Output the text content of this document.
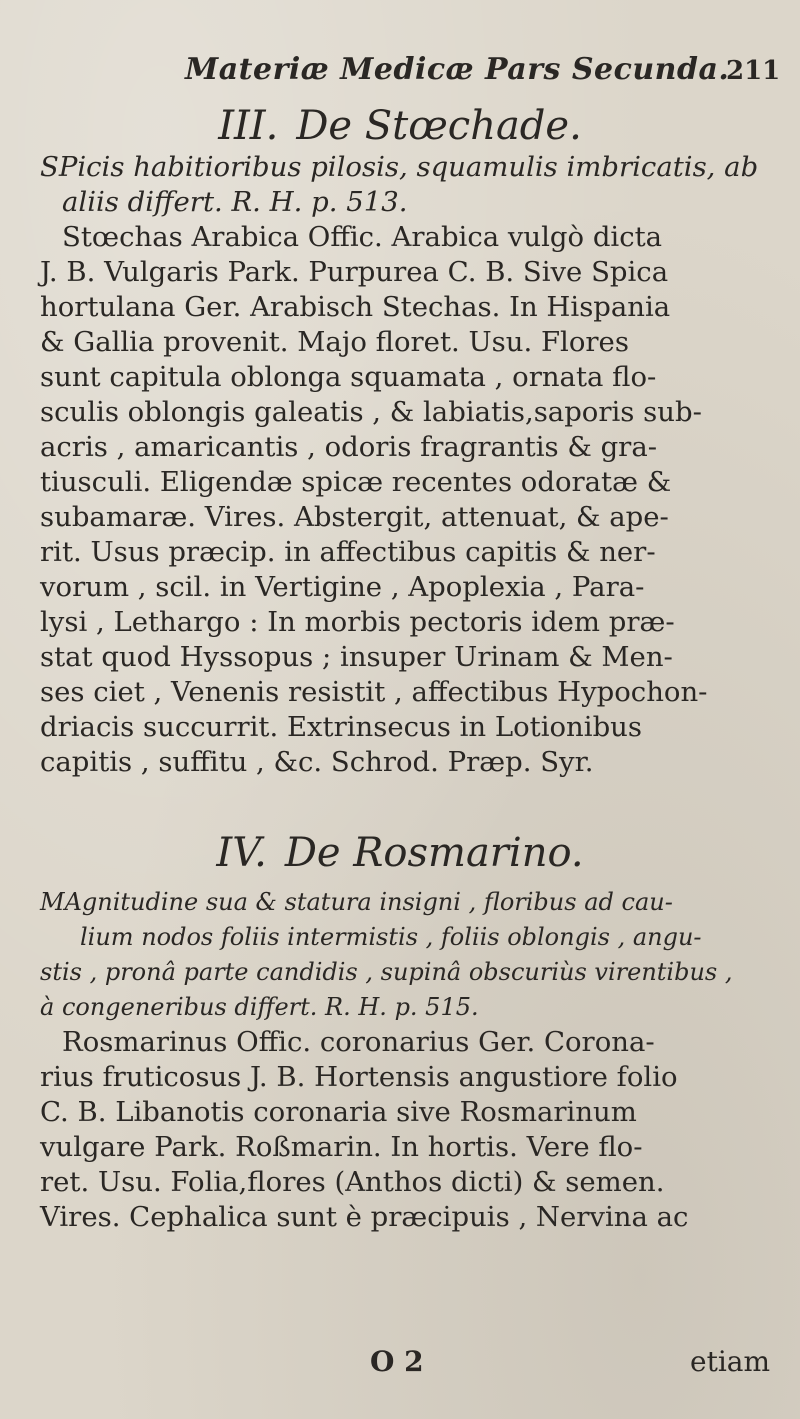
Materiæ Medicæ Pars Secunda.
211
III. De Stœchade.
SPicis habitioribus pilosis, squamulis imbricatis, ab
aliis differt. R. H. p. 513.
Stœchas Arabica Offic. Arabica vulgò dicta
J. B. Vulgaris Park. Purpurea C. B. Sive Spica
hortulana Ger. Arabisch Stechas. In Hispania
& Gallia provenit. Majo floret. Usu. Flores
sunt capitula oblonga squamata , ornata flo-
sculis oblongis galeatis , & labiatis,saporis sub-
acris , amaricantis , odoris fragrantis & gra-
tiusculi. Eligendæ spicæ recentes odoratæ &
subamaræ. Vires. Abstergit, attenuat, & ape-
rit. Usus præcip. in affectibus capitis & ner-
vorum , scil. in Vertigine , Apoplexia , Para-
lysi , Lethargo : In morbis pectoris idem præ-
stat quod Hyssopus ; insuper Urinam & Men-
ses ciet , Venenis resistit , affectibus Hypochon-
driacis succurrit. Extrinsecus in Lotionibus
capitis , suffitu , &c. Schrod. Præp. Syr.
IV. De Rosmarino.
MAgnitudine sua & statura insigni , floribus ad cau-
lium nodos foliis intermistis , foliis oblongis , angu-
stis , pronâ parte candidis , supinâ obscuriùs virentibus ,
à congeneribus differt. R. H. p. 515.
Rosmarinus Offic. coronarius Ger. Corona-
rius fruticosus J. B. Hortensis angustiore folio
C. B. Libanotis coronaria sive Rosmarinum
vulgare Park. Roßmarin. In hortis. Vere flo-
ret. Usu. Folia,flores (Anthos dicti) & semen.
Vires. Cephalica sunt è præcipuis , Nervina ac
O 2	etiam
